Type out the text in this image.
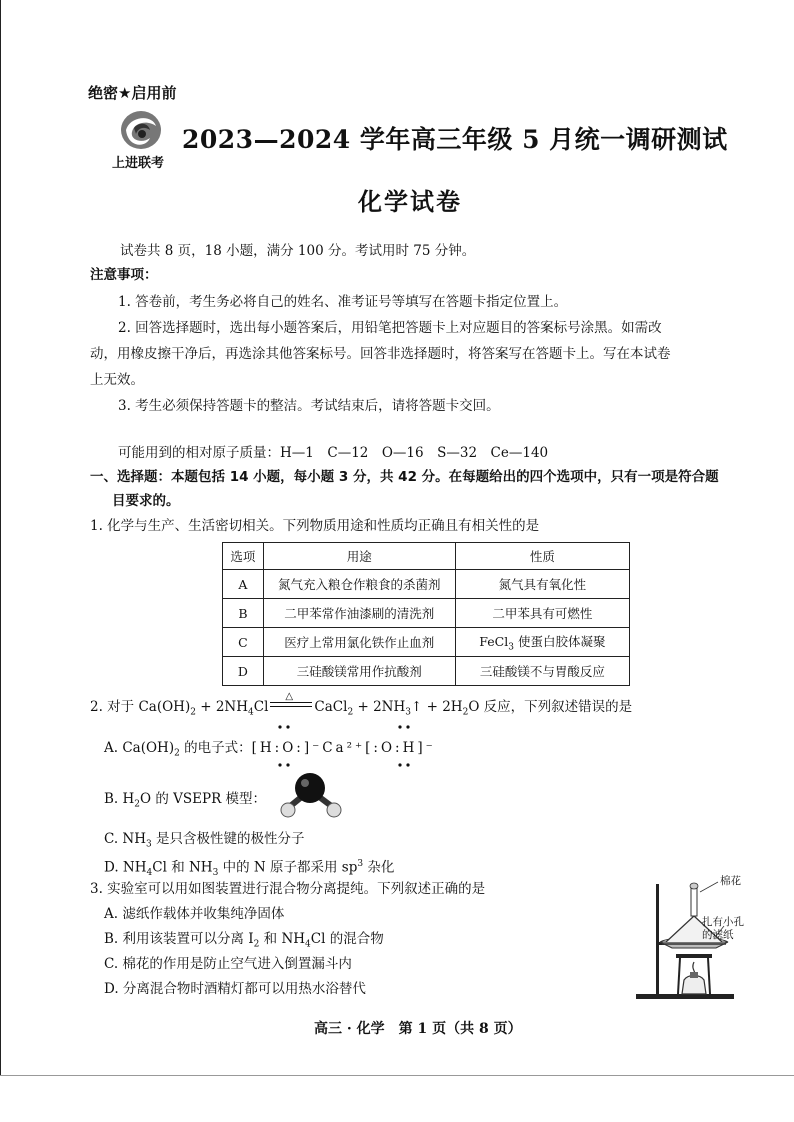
绝密★启用前
上进联考
2023—2024 学年高三年级 5 月统一调研测试
化学试卷
试卷共 8 页，18 小题，满分 100 分。考试用时 75 分钟。
注意事项：
1. 答卷前，考生务必将自己的姓名、准考证号等填写在答题卡指定位置上。
2. 回答选择题时，选出每小题答案后，用铅笔把答题卡上对应题目的答案标号涂黑。如需改
动，用橡皮擦干净后，再选涂其他答案标号。回答非选择题时，将答案写在答题卡上。写在本试卷
上无效。
3. 考生必须保持答题卡的整洁。考试结束后，请将答题卡交回。
可能用到的相对原子质量：H—1　C—12　O—16　S—32　Ce—140
一、选择题：本题包括 14 小题，每小题 3 分，共 42 分。在每题给出的四个选项中，只有一项是符合题
目要求的。
1. 化学与生产、生活密切相关。下列物质用途和性质均正确且有相关性的是
选项	用途	性质
A	氮气充入粮仓作粮食的杀菌剂	氮气具有氧化性
B	二甲苯常作油漆刷的清洗剂	二甲苯具有可燃性
C	医疗上常用氯化铁作止血剂	FeCl$_3$ 使蛋白胶体凝聚
D	三硅酸镁常用作抗酸剂	三硅酸镁不与胃酸反应
2. 对于 $Ca(OH)_2 + 2NH_4Cl$
△
CaCl$_2$ + $2NH_3↑ + 2H_2O$ 反应，下列叙述错误的是
A. $Ca(OH)_2$ 的电子式：[H:O:]⁻Ca²⁺[:O:H]⁻
B. $H_2O$ 的 VSEPR 模型：
C. $NH_3$ 是只含极性键的极性分子
D. $NH_4Cl$ 和 $NH_3$ 中的 N 原子都采用 $sp^3$ 杂化
3. 实验室可以用如图装置进行混合物分离提纯。下列叙述正确的是
A. 滤纸作载体并收集纯净固体
B. 利用该装置可以分离 $I_2$ 和 $NH_4Cl$ 的混合物
C. 棉花的作用是防止空气进入倒置漏斗内
D. 分离混合物时酒精灯都可以用热水浴替代
棉花
扎有小孔
的滤纸
高三 · 化学　第 1 页（共 8 页）
